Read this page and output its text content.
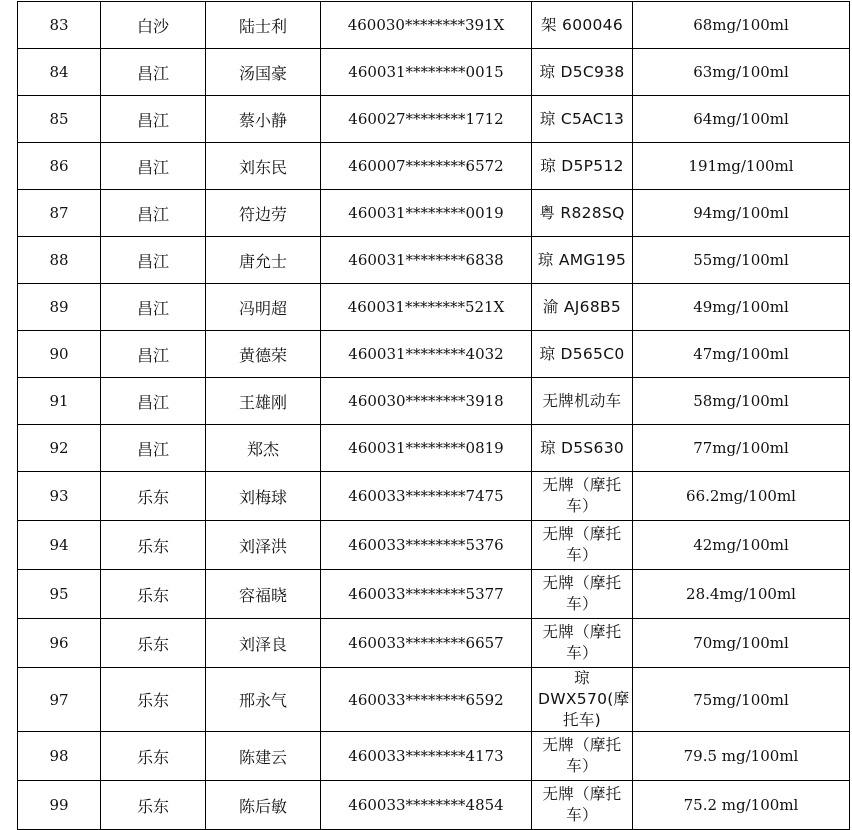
83	白沙	陆士利	460030********391X	架 600046	68mg/100ml
84	昌江	汤国豪	460031********0015	琼 D5C938	63mg/100ml
85	昌江	蔡小静	460027********1712	琼 C5AC13	64mg/100ml
86	昌江	刘东民	460007********6572	琼 D5P512	191mg/100ml
87	昌江	符边劳	460031********0019	粤 R828SQ	94mg/100ml
88	昌江	唐允士	460031********6838	琼 AMG195	55mg/100ml
89	昌江	冯明超	460031********521X	渝 AJ68B5	49mg/100ml
90	昌江	黄德荣	460031********4032	琼 D565C0	47mg/100ml
91	昌江	王雄刚	460030********3918	无牌机动车	58mg/100ml
92	昌江	郑杰	460031********0819	琼 D5S630	77mg/100ml
93	乐东	刘梅球	460033********7475	无牌（摩托车）	66.2mg/100ml
94	乐东	刘泽洪	460033********5376	无牌（摩托车）	42mg/100ml
95	乐东	容福晓	460033********5377	无牌（摩托车）	28.4mg/100ml
96	乐东	刘泽良	460033********6657	无牌（摩托车）	70mg/100ml
97	乐东	邢永气	460033********6592	琼 DWX570(摩托车)	75mg/100ml
98	乐东	陈建云	460033********4173	无牌（摩托车）	79.5 mg/100ml
99	乐东	陈后敏	460033********4854	无牌（摩托车）	75.2 mg/100ml
